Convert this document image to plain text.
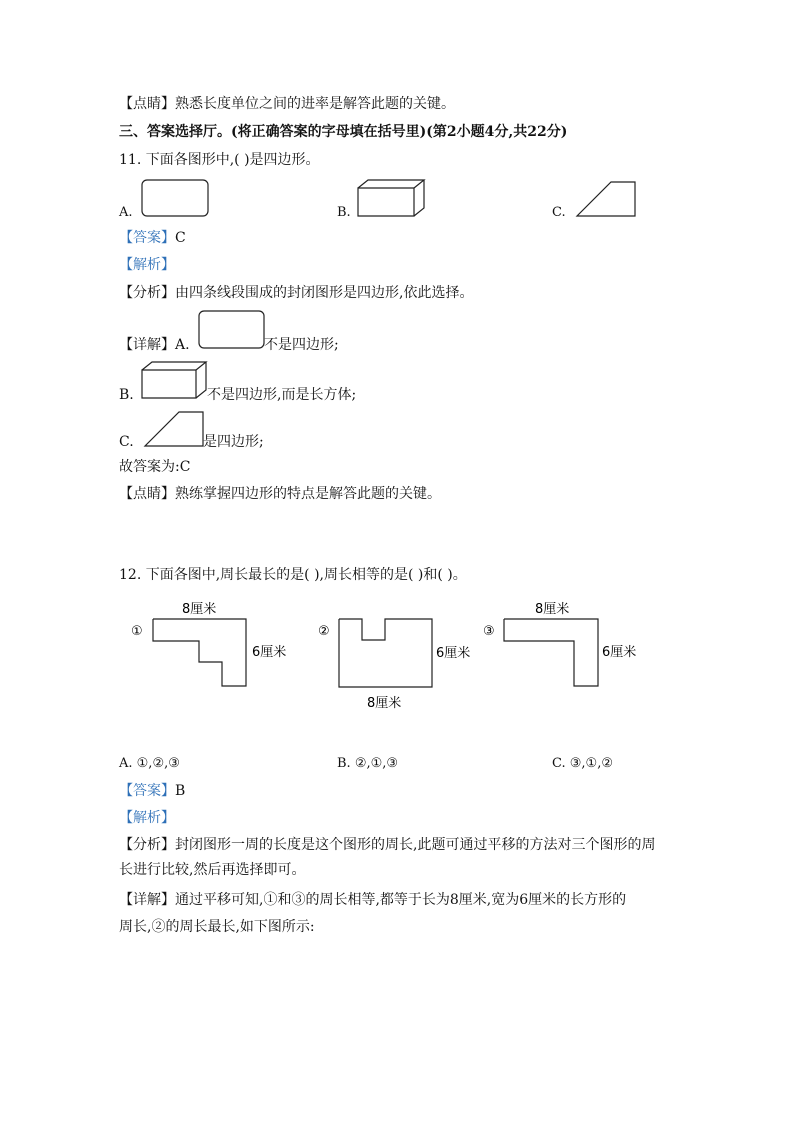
【点睛】熟悉长度单位之间的进率是解答此题的关键。
三、答案选择厅。(将正确答案的字母填在括号里)(第2小题4分,共22分)
11. 下面各图形中,( )是四边形。
A.	B.	C.
【答案】C
【解析】
【分析】由四条线段围成的封闭图形是四边形,依此选择。
【详解】A.	不是四边形;
B.	不是四边形,而是长方体;
C.	是四边形;
故答案为:C
【点睛】熟练掌握四边形的特点是解答此题的关键。
12. 下面各图中,周长最长的是( ),周长相等的是( )和( )。
①
8厘米
6厘米
②
6厘米
8厘米
③
8厘米
6厘米
A. ①,②,③	B. ②,①,③	C. ③,①,②
【答案】B
【解析】
【分析】封闭图形一周的长度是这个图形的周长,此题可通过平移的方法对三个图形的周
长进行比较,然后再选择即可。
【详解】通过平移可知,①和③的周长相等,都等于长为8厘米,宽为6厘米的长方形的
周长,②的周长最长,如下图所示:
